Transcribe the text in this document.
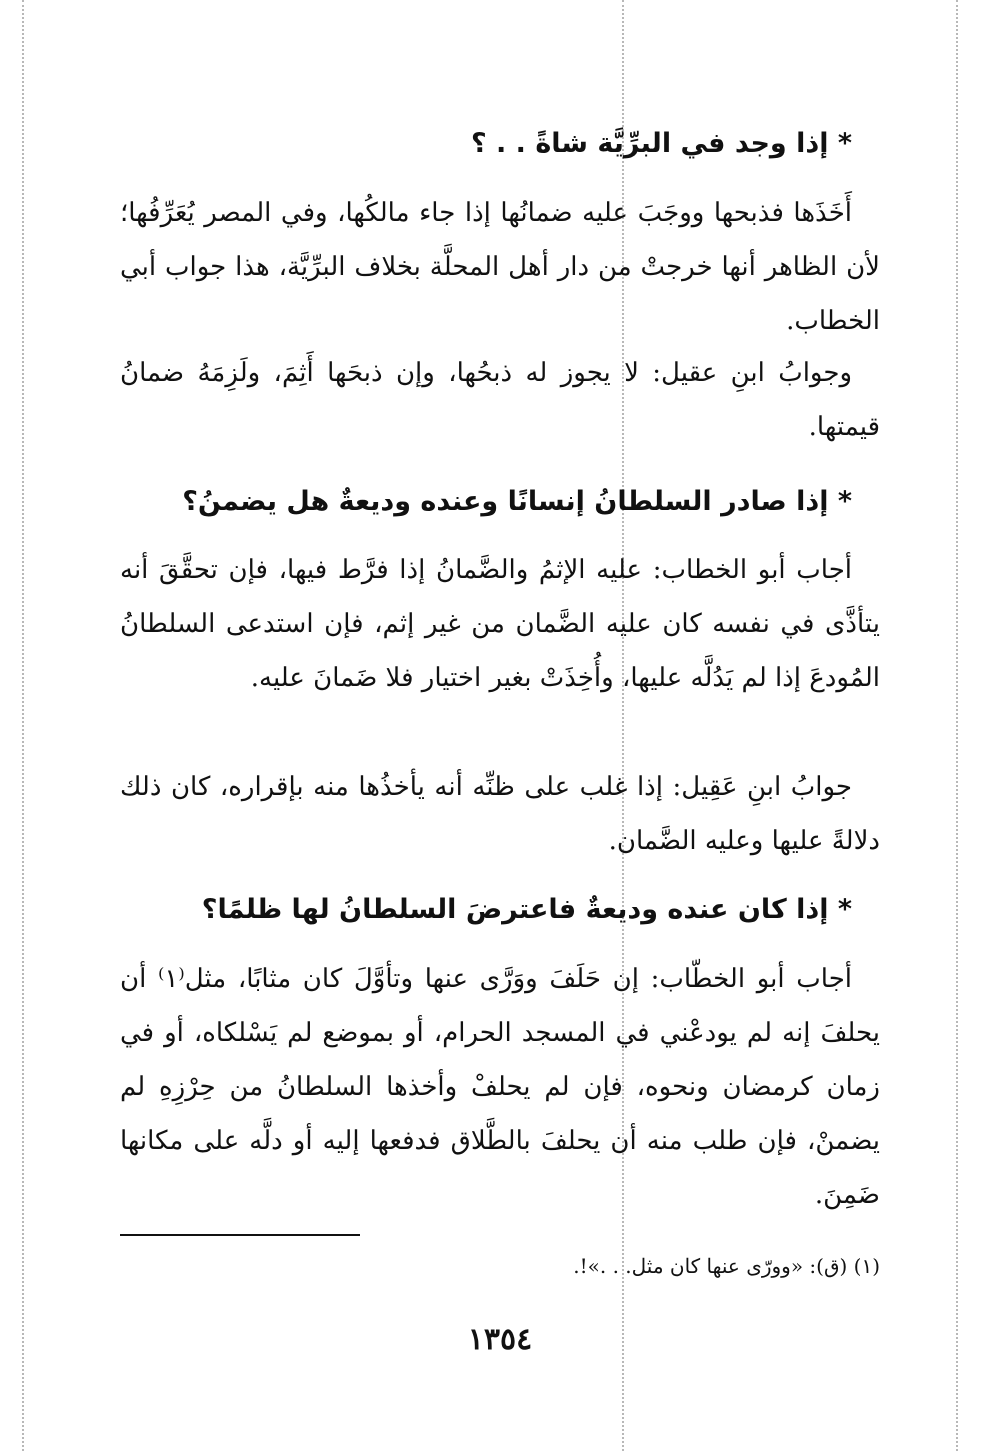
* إذا وجد في البرِّيَّة شاةً . . ؟

أَخَذَها فذبحها ووجَبَ عليه ضمانُها إذا جاء مالكُها، وفي المصر يُعَرِّفُها؛ لأن الظاهر أنها خرجتْ من دار أهل المحلَّة بخلاف البرِّيَّة، هذا جواب أبي الخطاب.

وجوابُ ابنِ عقيل: لا يجوز له ذبحُها، وإن ذبحَها أَثِمَ، ولَزِمَهُ ضمانُ قيمتها.

* إذا صادر السلطانُ إنسانًا وعنده وديعةٌ هل يضمنُ؟

أجاب أبو الخطاب: عليه الإثمُ والضَّمانُ إذا فرَّط فيها، فإن تحقَّقَ أنه يتأذَّى في نفسه كان عليه الضَّمان من غير إثم، فإن استدعى السلطانُ المُودعَ إذا لم يَدُلَّه عليها، وأُخِذَتْ بغير اختيار فلا ضَمانَ عليه.

جوابُ ابنِ عَقِيل: إذا غلب على ظنِّه أنه يأخذُها منه بإقراره، كان ذلك دلالةً عليها وعليه الضَّمان.

* إذا كان عنده وديعةٌ فاعترضَ السلطانُ لها ظلمًا؟

أجاب أبو الخطّاب: إن حَلَفَ ووَرَّى عنها وتأوَّلَ كان مثابًا، مثل⁽١⁾ أن يحلفَ إنه لم يودعْني في المسجد الحرام، أو بموضع لم يَسْلكاه، أو في زمان كرمضان ونحوه، فإن لم يحلفْ وأخذها السلطانُ من حِرْزِهِ لم يضمنْ، فإن طلب منه أن يحلفَ بالطَّلاق فدفعها إليه أو دلَّه على مكانها ضَمِنَ.

(١) (ق): «وورّى عنها كان مثل. . .»!.
١٣٥٤
